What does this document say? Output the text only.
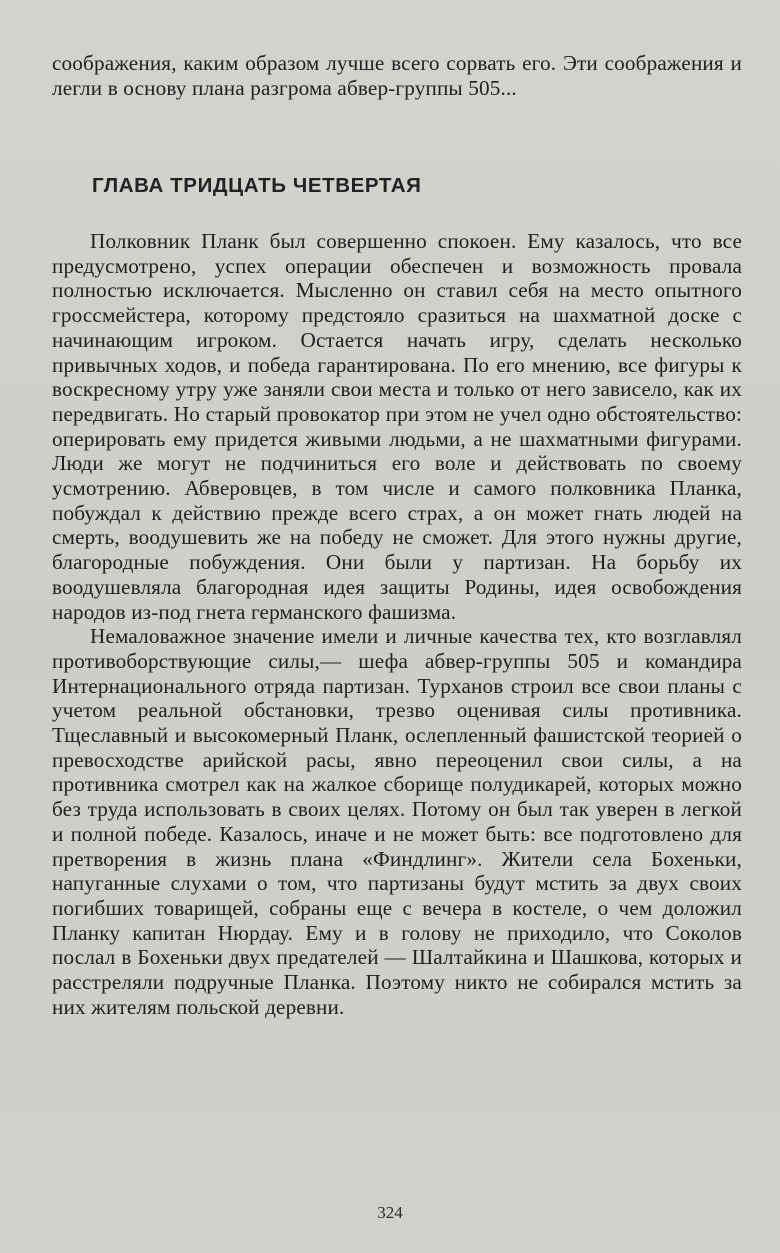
соображения, каким образом лучше всего сорвать его. Эти соображения и легли в основу плана разгрома абвер-группы 505...

ГЛАВА ТРИДЦАТЬ ЧЕТВЕРТАЯ

Полковник Планк был совершенно спокоен. Ему казалось, что все предусмотрено, успех операции обеспечен и возможность провала полностью исключается. Мысленно он ставил себя на место опытного гроссмейстера, которому предстояло сразиться на шахматной доске с начинающим игроком. Остается начать игру, сделать несколько привычных ходов, и победа гарантирована. По его мнению, все фигуры к воскресному утру уже заняли свои места и только от него зависело, как их передвигать. Но старый провокатор при этом не учел одно обстоятельство: оперировать ему придется живыми людьми, а не шахматными фигурами. Люди же могут не подчиниться его воле и действовать по своему усмотрению. Абверовцев, в том числе и самого полковника Планка, побуждал к действию прежде всего страх, а он может гнать людей на смерть, воодушевить же на победу не сможет. Для этого нужны другие, благородные побуждения. Они были у партизан. На борьбу их воодушевляла благородная идея защиты Родины, идея освобождения народов из-под гнета германского фашизма.

Немаловажное значение имели и личные качества тех, кто возглавлял противоборствующие силы,— шефа абвер-группы 505 и командира Интернационального отряда партизан. Турханов строил все свои планы с учетом реальной обстановки, трезво оценивая силы противника. Тщеславный и высокомерный Планк, ослепленный фашистской теорией о превосходстве арийской расы, явно переоценил свои силы, а на противника смотрел как на жалкое сборище полудикарей, которых можно без труда использовать в своих целях. Потому он был так уверен в легкой и полной победе. Казалось, иначе и не может быть: все подготовлено для претворения в жизнь плана «Финдлинг». Жители села Бохеньки, напуганные слухами о том, что партизаны будут мстить за двух своих погибших товарищей, собраны еще с вечера в костеле, о чем доложил Планку капитан Нюрдау. Ему и в голову не приходило, что Соколов послал в Бохеньки двух предателей — Шалтайкина и Шашкова, которых и расстреляли подручные Планка. Поэтому никто не собирался мстить за них жителям польской деревни.

324
